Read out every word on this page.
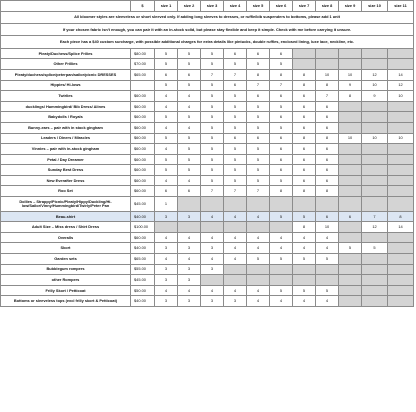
	$	size 1	size 2	size 3	size 4	size 5	size 6	size 7	size 8	size 9	size 10	size 11
All bloomer styles are sleeveless or short sleeved only. If adding long sleeves to dresses, or ruffle/bib suspenders to bottoms, please add 1 unit												
If your chosen fabric isn't enough, you can pair it with an in-stock solid, but please stay flexible and keep it simple. Check with me before carrying it unsure.												
Each piece has a $40 custom surcharge, with possible additional charges for extra details like pintucks, double ruffles, enclosed lining, luxe lace, neckline, etc.												
Pleaty/Duchess/Splice Frilies	$80.00	5	5	5	6	6	6					
Other Frillies	$70.00	5	5	5	5	5	5					
Pleaty/duchess/splice/peterpan/sailor/picnic DRESSES	$65.00	6	6	7	7	8	8	8	10	10	12	14
Hippies/ Hi-lows		5	5	5	6	7	7	8	8	9	10	12
Twirlies	$60.00	4	4	5	5	6	6	6	7	8	9	10
ducklings/ Hummingbird/ Bib Dress/ Alines	$60.00	4	4	5	5	5	5	6	6			
Babydolls / Royals	$60.00	5	5	5	5	5	6	6	6			
Bunny-ears – pair with in stock gingham	$60.00	4	4	5	5	5	5	6	6			
Leaders / Diners / Miracles	$60.00	5	5	5	6	6	6	8	8	10	10	10
Vinnies – pair with in-stock gingham	$60.00	4	5	5	5	5	6	6	6			
Petal / Day Dreamer	$60.00	5	5	5	5	5	6	6	6			
Sunday Best Dress	$60.00	5	5	5	5	5	6	6	6			
New Everafter Dress	$60.00	4	4	5	5	5	5	6	6			
Roo Set	$60.00	6	6	7	7	7	8	8	8			
Dollies – Strappy/Picnic/Pleaty/Hippy/Duckling/Hi-low/Sailor/Vinny/Hummingbird/Twirly/Peter Pan	$45.00	1										
Beau-shirt	$40.00	3	3	4	4	4	5	5	6	6	7	8
Adult Size – Miss dress / Shirt Dress	$100.00							8	10		12	14
Overalls	$60.00	4	4	4	4	4	4	4	4			
Skort	$40.00	3	3	3	4	4	4	4	4	5	5	
Garden sets	$65.00	4	4	4	4	5	5	5	5			
Bubblegum rompers	$55.00	3	3	3								
other Rompers	$45.00	3	3									
Frilly Skort / Petticoat	$50.00	4	4	4	4	4	5	5	5			
Bottoms or sleeveless tops (excl frilly skort & Petticoat)	$40.00	3	3	3	3	4	4	4	4			
